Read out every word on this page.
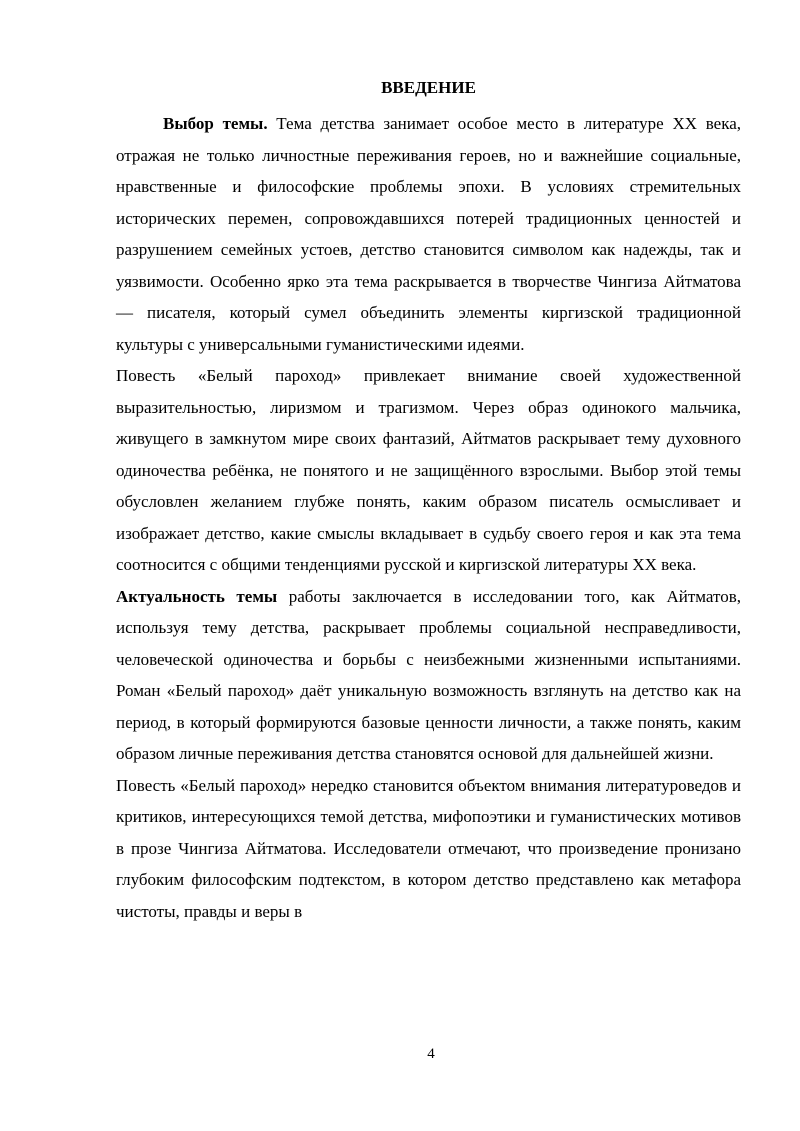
ВВЕДЕНИЕ

Выбор темы. Тема детства занимает особое место в литературе XX века, отражая не только личностные переживания героев, но и важнейшие социальные, нравственные и философские проблемы эпохи. В условиях стремительных исторических перемен, сопровождавшихся потерей традиционных ценностей и разрушением семейных устоев, детство становится символом как надежды, так и уязвимости. Особенно ярко эта тема раскрывается в творчестве Чингиза Айтматова — писателя, который сумел объединить элементы киргизской традиционной культуры с универсальными гуманистическими идеями.

Повесть «Белый пароход» привлекает внимание своей художественной выразительностью, лиризмом и трагизмом. Через образ одинокого мальчика, живущего в замкнутом мире своих фантазий, Айтматов раскрывает тему духовного одиночества ребёнка, не понятого и не защищённого взрослыми. Выбор этой темы обусловлен желанием глубже понять, каким образом писатель осмысливает и изображает детство, какие смыслы вкладывает в судьбу своего героя и как эта тема соотносится с общими тенденциями русской и киргизской литературы XX века.

Актуальность темы работы заключается в исследовании того, как Айтматов, используя тему детства, раскрывает проблемы социальной несправедливости, человеческой одиночества и борьбы с неизбежными жизненными испытаниями. Роман «Белый пароход» даёт уникальную возможность взглянуть на детство как на период, в который формируются базовые ценности личности, а также понять, каким образом личные переживания детства становятся основой для дальнейшей жизни.

Повесть «Белый пароход» нередко становится объектом внимания литературоведов и критиков, интересующихся темой детства, мифопоэтики и гуманистических мотивов в прозе Чингиза Айтматова. Исследователи отмечают, что произведение пронизано глубоким философским подтекстом, в котором детство представлено как метафора чистоты, правды и веры в

4
